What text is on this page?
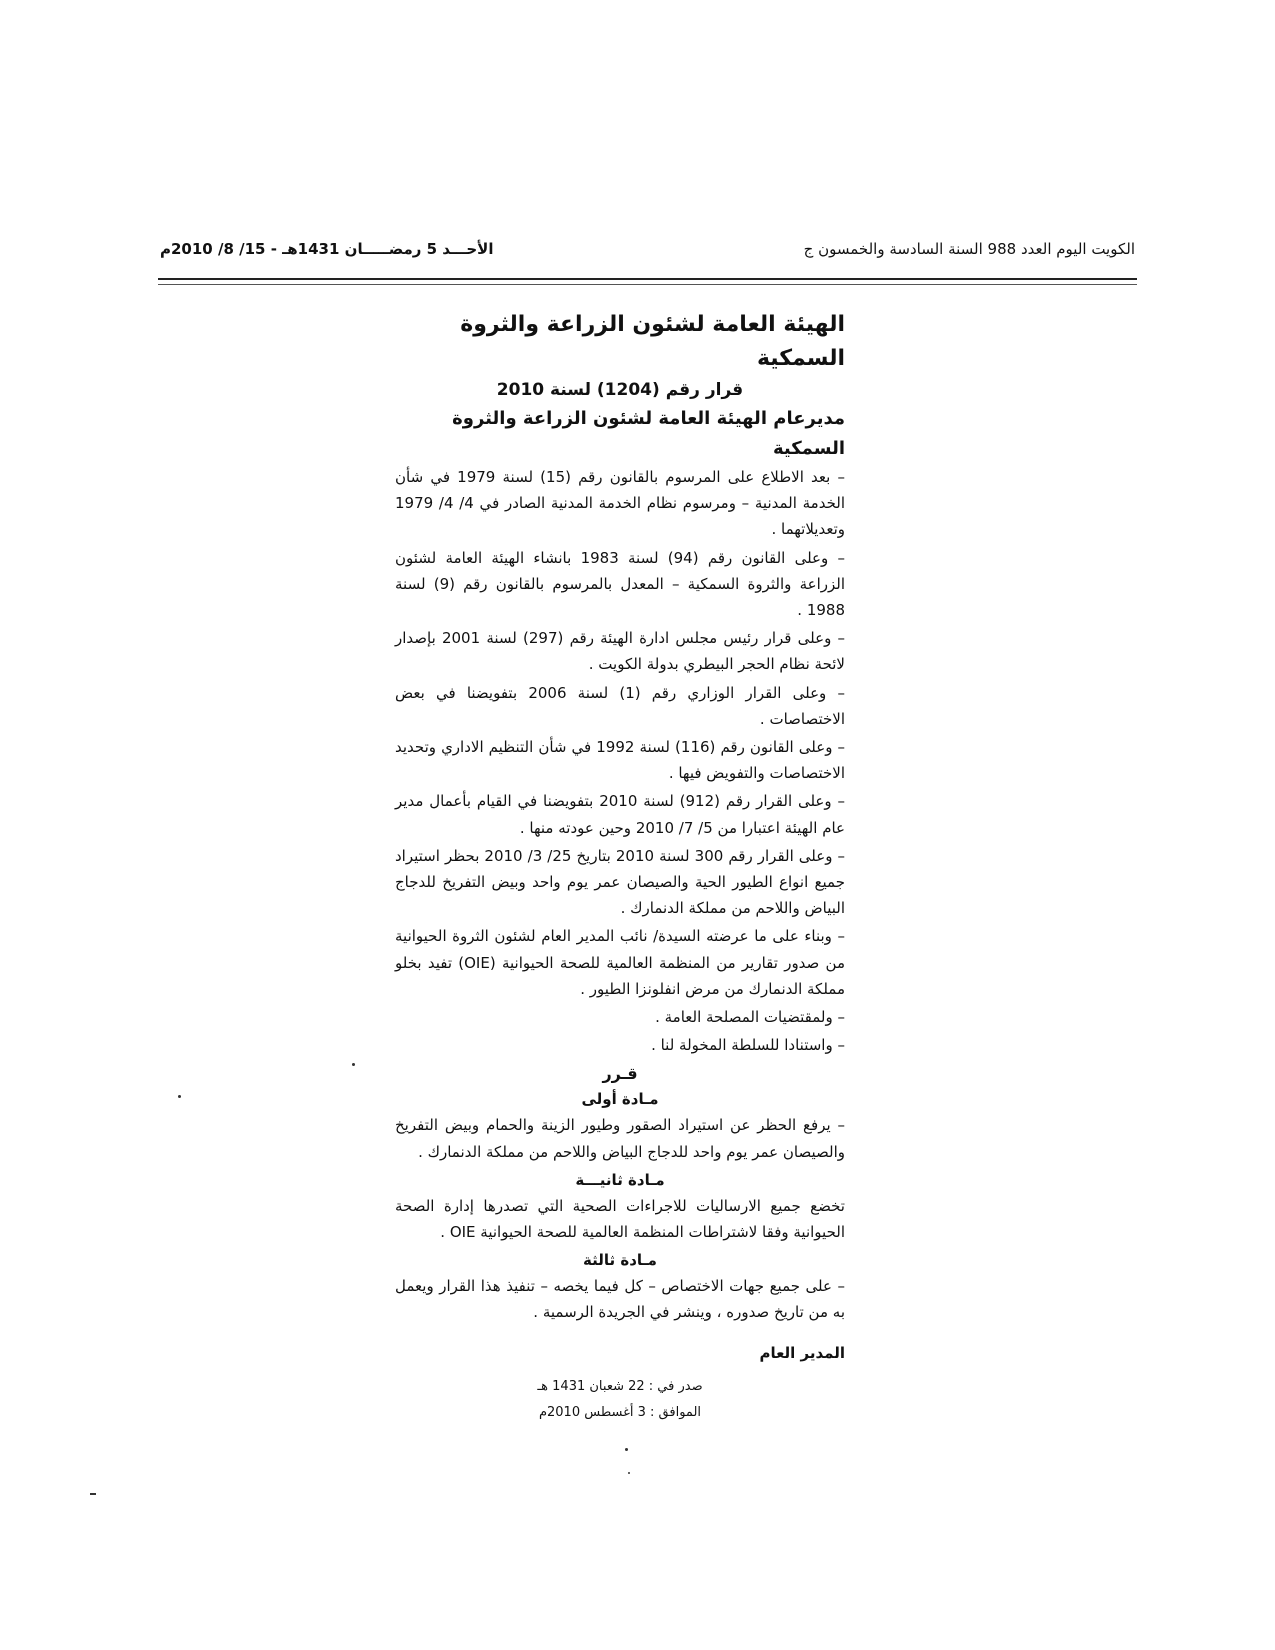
الكويت اليوم العدد 988 السنة السادسة والخمسون ج
الأحـــد 5 رمضـــــان 1431هـ - 15/ 8/ 2010م

الهيئة العامة لشئون الزراعة والثروة السمكية

قرار رقم (1204) لسنة 2010

مديرعام الهيئة العامة لشئون الزراعة والثروة السمكية

– بعد الاطلاع على المرسوم بالقانون رقم (15) لسنة 1979 في شأن الخدمة المدنية – ومرسوم نظام الخدمة المدنية الصادر في 4/ 4/ 1979 وتعديلاتهما .

– وعلى القانون رقم (94) لسنة 1983 بانشاء الهيئة العامة لشئون الزراعة والثروة السمكية – المعدل بالمرسوم بالقانون رقم (9) لسنة 1988 .

– وعلى قرار رئيس مجلس ادارة الهيئة رقم (297) لسنة 2001 بإصدار لائحة نظام الحجر البيطري بدولة الكويت .

– وعلى القرار الوزاري رقم (1) لسنة 2006 بتفويضنا في بعض الاختصاصات .

– وعلى القانون رقم (116) لسنة 1992 في شأن التنظيم الاداري وتحديد الاختصاصات والتفويض فيها .

– وعلى القرار رقم (912) لسنة 2010 بتفويضنا في القيام بأعمال مدير عام الهيئة اعتبارا من 5/ 7/ 2010 وحين عودته منها .

– وعلى القرار رقم 300 لسنة 2010 بتاريخ 25/ 3/ 2010 بحظر استيراد جميع انواع الطيور الحية والصيصان عمر يوم واحد وبيض التفريخ للدجاج البياض واللاحم من مملكة الدنمارك .

– وبناء على ما عرضته السيدة/ نائب المدير العام لشئون الثروة الحيوانية من صدور تقارير من المنظمة العالمية للصحة الحيوانية (OIE) تفيد بخلو مملكة الدنمارك من مرض انفلونزا الطيور .

– ولمقتضيات المصلحة العامة .

– واستنادا للسلطة المخولة لنا .

قـرر

مـادة أولى

– يرفع الحظر عن استيراد الصقور وطيور الزينة والحمام وبيض التفريخ والصيصان عمر يوم واحد للدجاج البياض واللاحم من مملكة الدنمارك .

مـادة ثانيـــة

تخضع جميع الارساليات للاجراءات الصحية التي تصدرها إدارة الصحة الحيوانية وفقا لاشتراطات المنظمة العالمية للصحة الحيوانية OIE .

مـادة ثالثة

– على جميع جهات الاختصاص – كل فيما يخصه – تنفيذ هذا القرار ويعمل به من تاريخ صدوره ، وينشر في الجريدة الرسمية .

المدير العام

صدر في : 22 شعبان 1431 هـ
الموافق : 3 أغسطس 2010م
